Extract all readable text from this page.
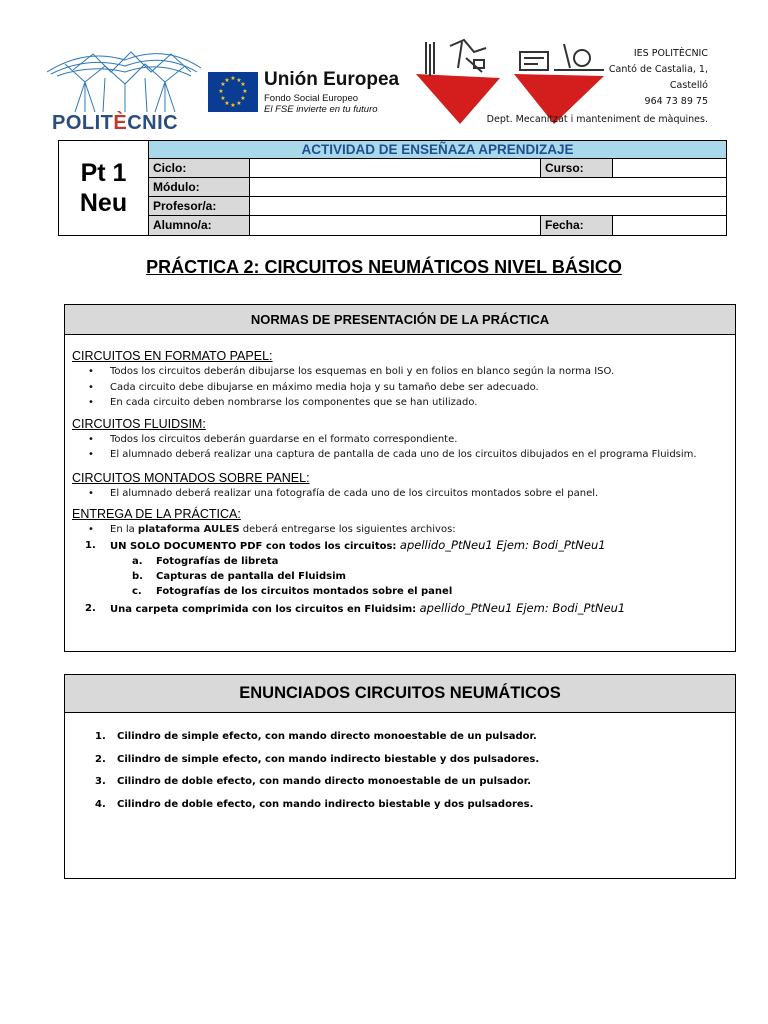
POLITÈCNIC
★ ★
★
★
★
★
★
★
★
★
★
★ Unión Europea
Fondo Social Europeo
El FSE invierte en tu futuro
IES POLITÈCNIC
Cantó de Castalia, 1,
Castelló
964 73 89 75
Dept. Mecanitzat i manteniment de màquines.
Pt 1
Neu
ACTIVIDAD DE ENSEÑAZA APRENDIZAJE
Ciclo:	Curso:
Módulo:
Profesor/a:
Alumno/a:	Fecha:
PRÁCTICA 2: CIRCUITOS NEUMÁTICOS NIVEL BÁSICO
NORMAS DE PRESENTACIÓN DE LA PRÁCTICA
CIRCUITOS EN FORMATO PAPEL:
• Todos los circuitos deberán dibujarse los esquemas en boli y en folios en blanco según la norma ISO.
• Cada circuito debe dibujarse en máximo media hoja y su tamaño debe ser adecuado.
• En cada circuito deben nombrarse los componentes que se han utilizado.
CIRCUITOS FLUIDSIM:
• Todos los circuitos deberán guardarse en el formato correspondiente.
• El alumnado deberá realizar una captura de pantalla de cada uno de los circuitos dibujados en el programa Fluidsim.
CIRCUITOS MONTADOS SOBRE PANEL:
• El alumnado deberá realizar una fotografía de cada uno de los circuitos montados sobre el panel.
ENTREGA DE LA PRÁCTICA:
• En la plataforma AULES deberá entregarse los siguientes archivos:
1. UN SOLO DOCUMENTO PDF con todos los circuitos: apellido_PtNeu1 Ejem: Bodi_PtNeu1
a. Fotografías de libreta
b. Capturas de pantalla del Fluidsim
c. Fotografías de los circuitos montados sobre el panel
2. Una carpeta comprimida con los circuitos en Fluidsim: apellido_PtNeu1 Ejem: Bodi_PtNeu1
ENUNCIADOS CIRCUITOS NEUMÁTICOS
1. Cilindro de simple efecto, con mando directo monoestable de un pulsador.
2. Cilindro de simple efecto, con mando indirecto biestable y dos pulsadores.
3. Cilindro de doble efecto, con mando directo monoestable de un pulsador.
4. Cilindro de doble efecto, con mando indirecto biestable y dos pulsadores.
